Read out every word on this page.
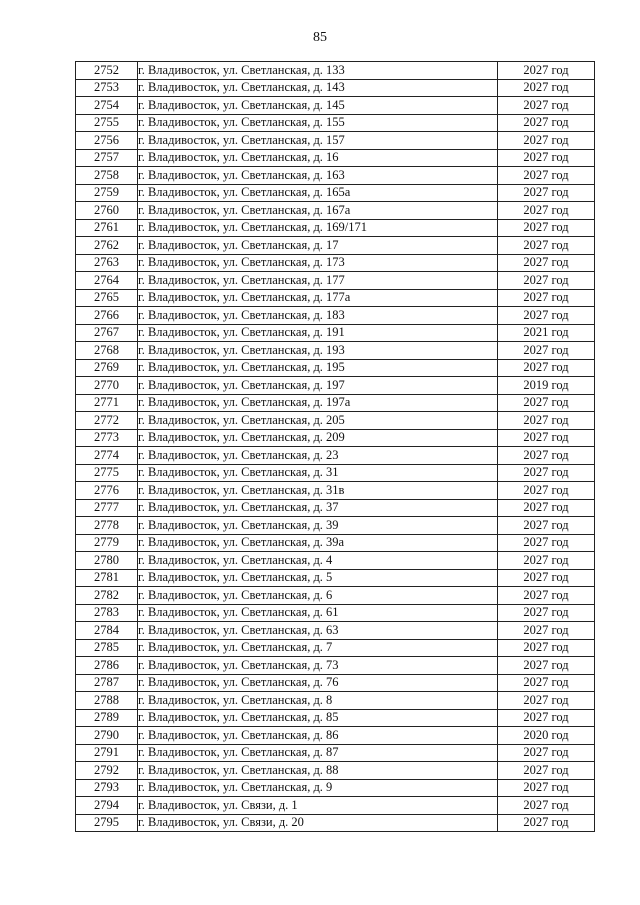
85
2752	г. Владивосток, ул. Светланская, д. 133	2027 год
2753	г. Владивосток, ул. Светланская, д. 143	2027 год
2754	г. Владивосток, ул. Светланская, д. 145	2027 год
2755	г. Владивосток, ул. Светланская, д. 155	2027 год
2756	г. Владивосток, ул. Светланская, д. 157	2027 год
2757	г. Владивосток, ул. Светланская, д. 16	2027 год
2758	г. Владивосток, ул. Светланская, д. 163	2027 год
2759	г. Владивосток, ул. Светланская, д. 165а	2027 год
2760	г. Владивосток, ул. Светланская, д. 167а	2027 год
2761	г. Владивосток, ул. Светланская, д. 169/171	2027 год
2762	г. Владивосток, ул. Светланская, д. 17	2027 год
2763	г. Владивосток, ул. Светланская, д. 173	2027 год
2764	г. Владивосток, ул. Светланская, д. 177	2027 год
2765	г. Владивосток, ул. Светланская, д. 177а	2027 год
2766	г. Владивосток, ул. Светланская, д. 183	2027 год
2767	г. Владивосток, ул. Светланская, д. 191	2021 год
2768	г. Владивосток, ул. Светланская, д. 193	2027 год
2769	г. Владивосток, ул. Светланская, д. 195	2027 год
2770	г. Владивосток, ул. Светланская, д. 197	2019 год
2771	г. Владивосток, ул. Светланская, д. 197а	2027 год
2772	г. Владивосток, ул. Светланская, д. 205	2027 год
2773	г. Владивосток, ул. Светланская, д. 209	2027 год
2774	г. Владивосток, ул. Светланская, д. 23	2027 год
2775	г. Владивосток, ул. Светланская, д. 31	2027 год
2776	г. Владивосток, ул. Светланская, д. 31в	2027 год
2777	г. Владивосток, ул. Светланская, д. 37	2027 год
2778	г. Владивосток, ул. Светланская, д. 39	2027 год
2779	г. Владивосток, ул. Светланская, д. 39а	2027 год
2780	г. Владивосток, ул. Светланская, д. 4	2027 год
2781	г. Владивосток, ул. Светланская, д. 5	2027 год
2782	г. Владивосток, ул. Светланская, д. 6	2027 год
2783	г. Владивосток, ул. Светланская, д. 61	2027 год
2784	г. Владивосток, ул. Светланская, д. 63	2027 год
2785	г. Владивосток, ул. Светланская, д. 7	2027 год
2786	г. Владивосток, ул. Светланская, д. 73	2027 год
2787	г. Владивосток, ул. Светланская, д. 76	2027 год
2788	г. Владивосток, ул. Светланская, д. 8	2027 год
2789	г. Владивосток, ул. Светланская, д. 85	2027 год
2790	г. Владивосток, ул. Светланская, д. 86	2020 год
2791	г. Владивосток, ул. Светланская, д. 87	2027 год
2792	г. Владивосток, ул. Светланская, д. 88	2027 год
2793	г. Владивосток, ул. Светланская, д. 9	2027 год
2794	г. Владивосток, ул. Связи, д. 1	2027 год
2795	г. Владивосток, ул. Связи, д. 20	2027 год
